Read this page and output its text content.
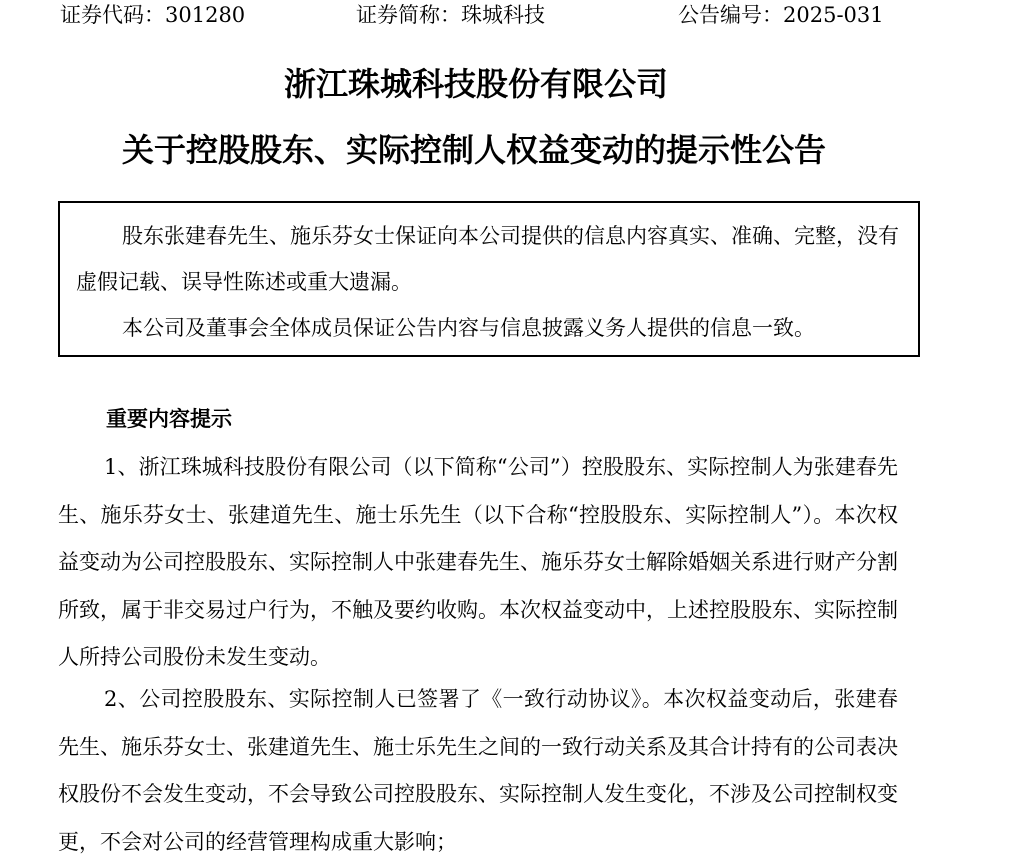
证券代码：301280	证券简称：珠城科技	公告编号：2025-031
浙江珠城科技股份有限公司
关于控股股东、实际控制人权益变动的提示性公告

股东张建春先生、施乐芬女士保证向本公司提供的信息内容真实、准确、完整，没有虚假记载、误导性陈述或重大遗漏。

本公司及董事会全体成员保证公告内容与信息披露义务人提供的信息一致。

重要内容提示

1、浙江珠城科技股份有限公司（以下简称“公司”）控股股东、实际控制人为张建春先生、施乐芬女士、张建道先生、施士乐先生（以下合称“控股股东、实际控制人”）。本次权益变动为公司控股股东、实际控制人中张建春先生、施乐芬女士解除婚姻关系进行财产分割所致，属于非交易过户行为，不触及要约收购。本次权益变动中，上述控股股东、实际控制人所持公司股份未发生变动。

2、公司控股股东、实际控制人已签署了《一致行动协议》。本次权益变动后，张建春先生、施乐芬女士、张建道先生、施士乐先生之间的一致行动关系及其合计持有的公司表决权股份不会发生变动，不会导致公司控股股东、实际控制人发生变化，不涉及公司控制权变更，不会对公司的经营管理构成重大影响；
